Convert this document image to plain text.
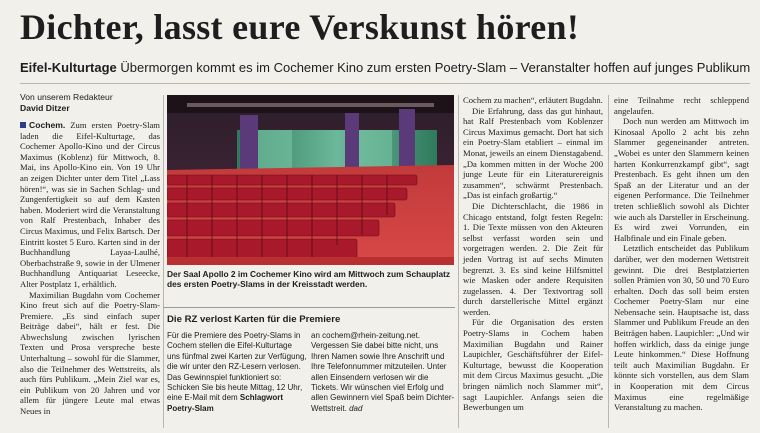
Dichter, lasst eure Verskunst hören!
Eifel-Kulturtage Übermorgen kommt es im Cochemer Kino zum ersten Poetry-Slam – Veranstalter hoffen auf junges Publikum
Von unserem Redakteur
David Ditzer

Cochem. Zum ersten Poetry-Slam laden die Eifel-Kulturtage, das Cochemer Apollo-Kino und der Circus Maximus (Koblenz) für Mittwoch, 8. Mai, ins Apollo-Kino ein. Von 19 Uhr an zeigen Dichter unter dem Titel „Lass hören!“, was sie in Sachen Schlag- und Zungenfertigkeit so auf dem Kasten haben. Moderiert wird die Veranstaltung von Ralf Prestenbach, Inhaber des Circus Maximus, und Felix Bartsch. Der Eintritt kostet 5 Euro. Karten sind in der Buchhandlung Layaa-Laulhé, Oberbachstraße 9, sowie in der Ulmener Buchhandlung Antiquariat Leseecke, Alter Postplatz 1, erhältlich.

Maximilian Bugdahn vom Cochemer Kino freut sich auf die Poetry-Slam-Premiere. „Es sind einfach super Beiträge dabei“, hält er fest. Die Abwechslung zwischen lyrischen Texten und Prosa verspreche beste Unterhaltung – sowohl für die Slammer, also die Teilnehmer des Wettstreits, als auch fürs Publikum. „Mein Ziel war es, ein Publikum von 20 Jahren und vor allem für jüngere Leute mal etwas Neues in

Der Saal Apollo 2 im Cochemer Kino wird am Mittwoch zum Schauplatz des ersten Poetry-Slams in der Kreisstadt werden.
Die RZ verlost Karten für die Premiere
Für die Premiere des Poetry-Slams in Cochem stellen die Eifel-Kulturtage uns fünfmal zwei Karten zur Verfügung, die wir unter den RZ-Lesern verlosen. Das Gewinnspiel funktioniert so: Schicken Sie bis heute Mittag, 12 Uhr, eine E-Mail mit dem Schlagwort Poetry-Slam
an cochem@rhein-zeitung.net. Vergessen Sie dabei bitte nicht, uns Ihren Namen sowie Ihre Anschrift und Ihre Telefonnummer mitzuteilen. Unter allen Einsendern verlosen wir die Tickets. Wir wünschen viel Erfolg und allen Gewinnern viel Spaß beim Dichter-Wettstreit. dad

Cochem zu machen“, erläutert Bugdahn.

Die Erfahrung, dass das gut hinhaut, hat Ralf Prestenbach vom Koblenzer Circus Maximus gemacht. Dort hat sich ein Poetry-Slam etabliert – einmal im Monat, jeweils an einem Dienstagabend. „Da kommen mitten in der Woche 200 junge Leute für ein Literaturereignis zusammen“, schwärmt Prestenbach. „Das ist einfach großartig.“

Die Dichterschlacht, die 1986 in Chicago entstand, folgt festen Regeln: 1. Die Texte müssen von den Akteuren selbst verfasst worden sein und vorgetragen werden. 2. Die Zeit für jeden Vortrag ist auf sechs Minuten begrenzt. 3. Es sind keine Hilfsmittel wie Masken oder andere Requisiten zugelassen. 4. Der Textvortrag soll durch darstellerische Mittel ergänzt werden.

Für die Organisation des ersten Poetry-Slams in Cochem haben Maximilian Bugdahn und Rainer Laupichler, Geschäftsführer der Eifel-Kulturtage, bewusst die Kooperation mit dem Circus Maximus gesucht. „Die bringen nämlich noch Slammer mit“, sagt Laupichler. Anfangs seien die Bewerbungen um

eine Teilnahme recht schleppend angelaufen.

Doch nun werden am Mittwoch im Kinosaal Apollo 2 acht bis zehn Slammer gegeneinander antreten. „Wobei es unter den Slammern keinen harten Konkurrenzkampf gibt“, sagt Prestenbach. Es geht ihnen um den Spaß an der Literatur und an der eigenen Performance. Die Teilnehmer treten schließlich sowohl als Dichter wie auch als Darsteller in Erscheinung. Es wird zwei Vorrunden, ein Halbfinale und ein Finale geben.

Letztlich entscheidet das Publikum darüber, wer den modernen Wettstreit gewinnt. Die drei Bestplatzierten sollen Prämien von 30, 50 und 70 Euro erhalten. Doch das soll beim ersten Cochemer Poetry-Slam nur eine Nebensache sein. Hauptsache ist, dass Slammer und Publikum Freude an den Beiträgen haben. Laupichler: „Und wir hoffen wirklich, dass da einige junge Leute hinkommen.“ Diese Hoffnung teilt auch Maximilian Bugdahn. Er könnte sich vorstellen, aus dem Slam in Kooperation mit dem Circus Maximus eine regelmäßige Veranstaltung zu machen.
